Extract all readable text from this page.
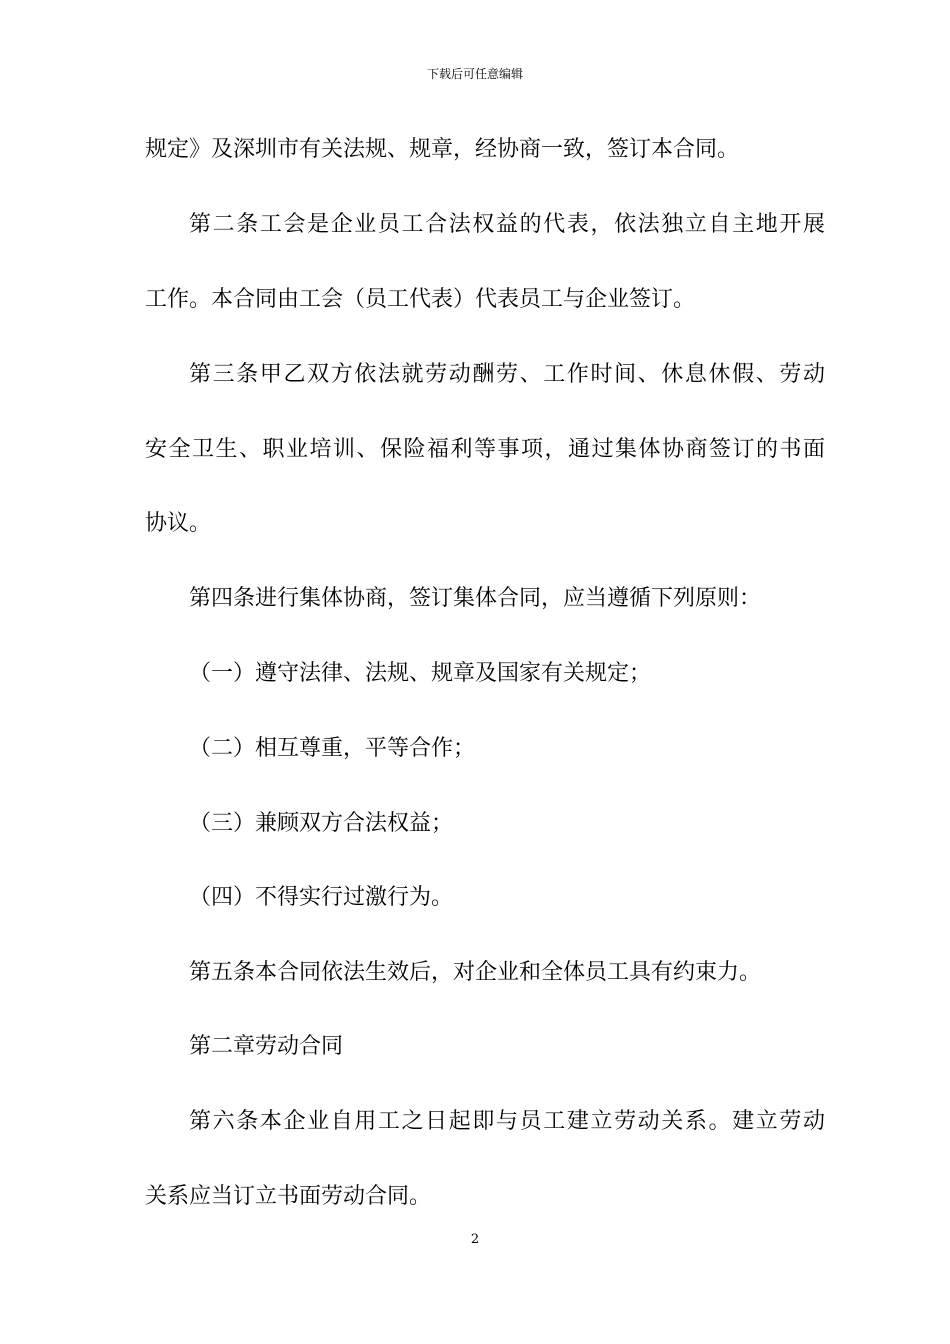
下载后可任意编辑
规定》及深圳市有关法规、规章，经协商一致，签订本合同。
第二条工会是企业员工合法权益的代表，依法独立自主地开展
工作。本合同由工会（员工代表）代表员工与企业签订。
第三条甲乙双方依法就劳动酬劳、工作时间、休息休假、劳动
安全卫生、职业培训、保险福利等事项，通过集体协商签订的书面
协议。
第四条进行集体协商，签订集体合同，应当遵循下列原则：
（一）遵守法律、法规、规章及国家有关规定；
（二）相互尊重，平等合作；
（三）兼顾双方合法权益；
（四）不得实行过激行为。
第五条本合同依法生效后，对企业和全体员工具有约束力。
第二章劳动合同
第六条本企业自用工之日起即与员工建立劳动关系。建立劳动
关系应当订立书面劳动合同。
2
